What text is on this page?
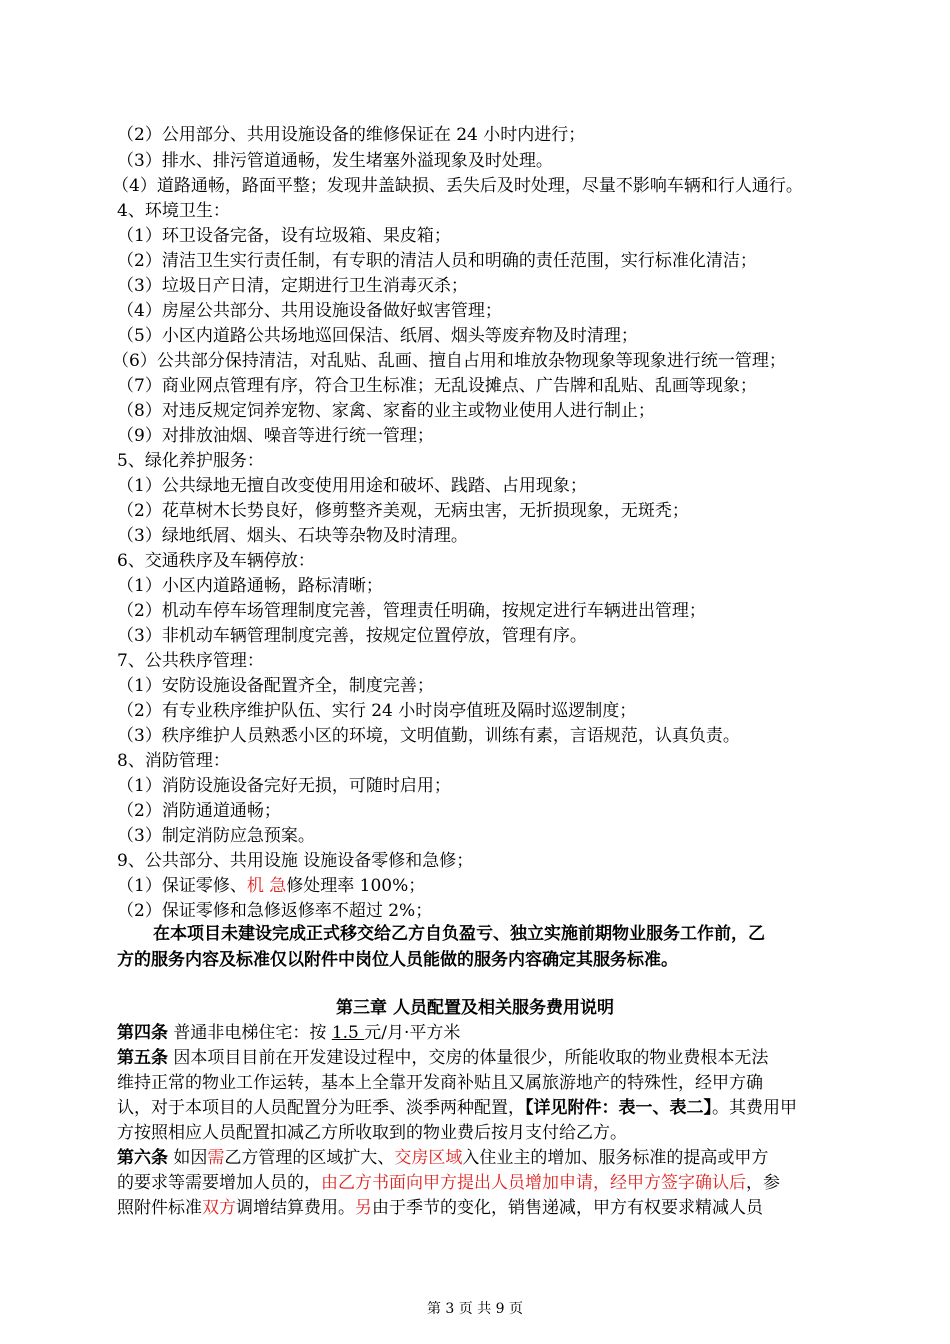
（2）公用部分、共用设施设备的维修保证在 24 小时内进行；
（3）排水、排污管道通畅，发生堵塞外溢现象及时处理。
（4）道路通畅，路面平整；发现井盖缺损、丢失后及时处理，尽量不影响车辆和行人通行。
4、环境卫生：
（1）环卫设备完备，设有垃圾箱、果皮箱；
（2）清洁卫生实行责任制，有专职的清洁人员和明确的责任范围，实行标准化清洁；
（3）垃圾日产日清，定期进行卫生消毒灭杀；
（4）房屋公共部分、共用设施设备做好蚁害管理；
（5）小区内道路公共场地巡回保洁、纸屑、烟头等废弃物及时清理；
（6）公共部分保持清洁，对乱贴、乱画、擅自占用和堆放杂物现象等现象进行统一管理；
（7）商业网点管理有序，符合卫生标准；无乱设摊点、广告牌和乱贴、乱画等现象；
（8）对违反规定饲养宠物、家禽、家畜的业主或物业使用人进行制止；
（9）对排放油烟、噪音等进行统一管理；
5、绿化养护服务：
（1）公共绿地无擅自改变使用用途和破坏、践踏、占用现象；
（2）花草树木长势良好，修剪整齐美观，无病虫害，无折损现象，无斑秃；
（3）绿地纸屑、烟头、石块等杂物及时清理。
6、交通秩序及车辆停放：
（1）小区内道路通畅，路标清晰；
（2）机动车停车场管理制度完善，管理责任明确，按规定进行车辆进出管理；
（3）非机动车辆管理制度完善，按规定位置停放，管理有序。
7、公共秩序管理：
（1）安防设施设备配置齐全，制度完善；
（2）有专业秩序维护队伍、实行 24 小时岗亭值班及隔时巡逻制度；
（3）秩序维护人员熟悉小区的环境，文明值勤，训练有素，言语规范，认真负责。
8、消防管理：
（1）消防设施设备完好无损，可随时启用；
（2）消防通道通畅；
（3）制定消防应急预案。
9、公共部分、共用设施 设施设备零修和急修；
（1）保证零修、机 急修处理率 100%；
（2）保证零修和急修返修率不超过 2%；
在本项目未建设完成正式移交给乙方自负盈亏、独立实施前期物业服务工作前，乙
方的服务内容及标准仅以附件中岗位人员能做的服务内容确定其服务标准。
第三章 人员配置及相关服务费用说明
第四条 普通非电梯住宅：按 1.5 元/月·平方米
第五条 因本项目目前在开发建设过程中，交房的体量很少，所能收取的物业费根本无法
维持正常的物业工作运转，基本上全靠开发商补贴且又属旅游地产的特殊性，经甲方确
认，对于本项目的人员配置分为旺季、淡季两种配置，【详见附件：表一、表二】。其费用甲
方按照相应人员配置扣减乙方所收取到的物业费后按月支付给乙方。
第六条 如因需乙方管理的区域扩大、交房区域入住业主的增加、服务标准的提高或甲方
的要求等需要增加人员的，由乙方书面向甲方提出人员增加申请，经甲方签字确认后，参
照附件标准双方调增结算费用。另由于季节的变化，销售递减，甲方有权要求精减人员
第 3 页 共 9 页
